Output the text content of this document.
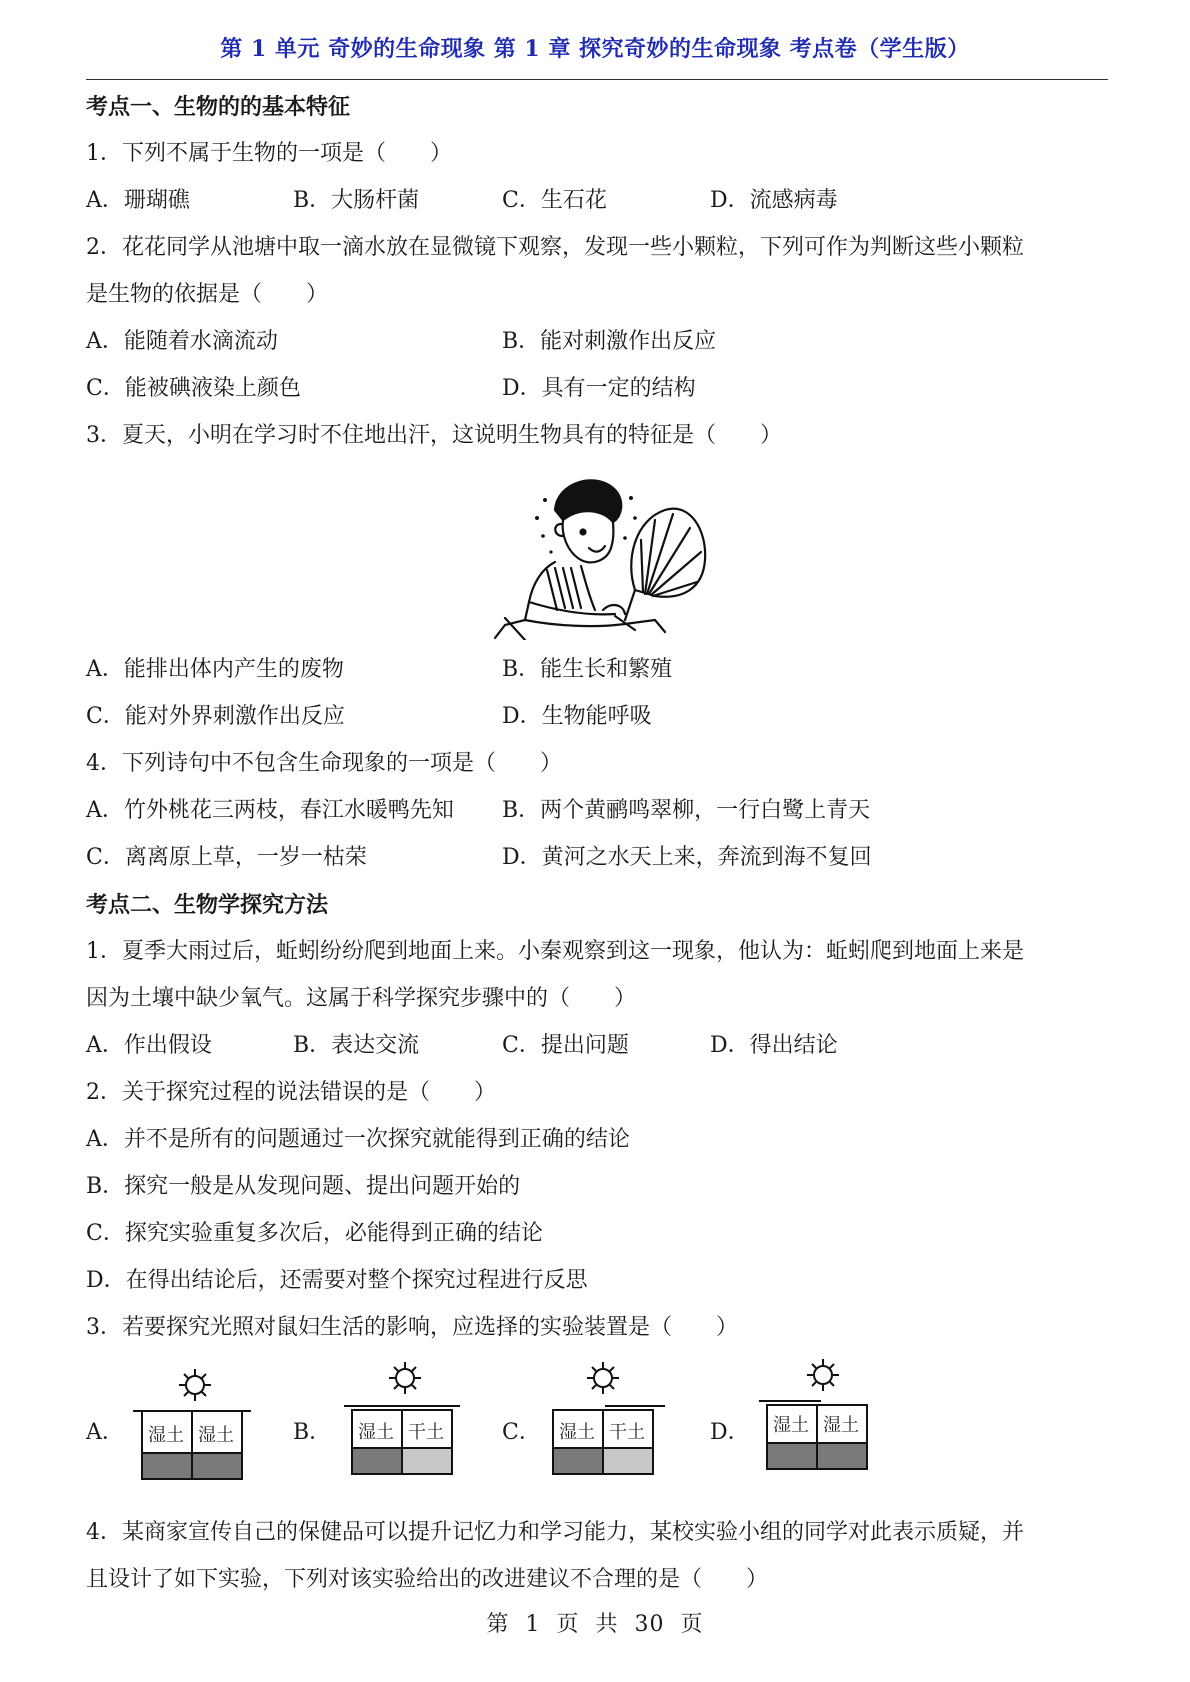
第 1 单元 奇妙的生命现象 第 1 章 探究奇妙的生命现象 考点卷（学生版）
考点一、生物的的基本特征
1．下列不属于生物的一项是（　　）
A．珊瑚礁	B．大肠杆菌	C．生石花	D．流感病毒
2．花花同学从池塘中取一滴水放在显微镜下观察，发现一些小颗粒，下列可作为判断这些小颗粒
是生物的依据是（　　）
A．能随着水滴流动	B．能对刺激作出反应
C．能被碘液染上颜色	D．具有一定的结构
3．夏天，小明在学习时不住地出汗，这说明生物具有的特征是（　　）
A．能排出体内产生的废物	B．能生长和繁殖
C．能对外界刺激作出反应	D．生物能呼吸
4．下列诗句中不包含生命现象的一项是（　　）
A．竹外桃花三两枝，春江水暖鸭先知 B．两个黄鹂鸣翠柳，一行白鹭上青天
C．离离原上草，一岁一枯荣	D．黄河之水天上来，奔流到海不复回
考点二、生物学探究方法
1．夏季大雨过后，蚯蚓纷纷爬到地面上来。小秦观察到这一现象，他认为：蚯蚓爬到地面上来是
因为土壤中缺少氧气。这属于科学探究步骤中的（　　）
A．作出假设	B．表达交流	C．提出问题	D．得出结论
2．关于探究过程的说法错误的是（　　）
A．并不是所有的问题通过一次探究就能得到正确的结论
B．探究一般是从发现问题、提出问题开始的
C．探究实验重复多次后，必能得到正确的结论
D．在得出结论后，还需要对整个探究过程进行反思
3．若要探究光照对鼠妇生活的影响，应选择的实验装置是（　　）
A．	B．	C．	D．
湿土 湿土	湿土 干土	湿土 干土	湿土 湿土
4．某商家宣传自己的保健品可以提升记忆力和学习能力，某校实验小组的同学对此表示质疑，并
且设计了如下实验，下列对该实验给出的改进建议不合理的是（　　）
第 1 页 共 30 页
